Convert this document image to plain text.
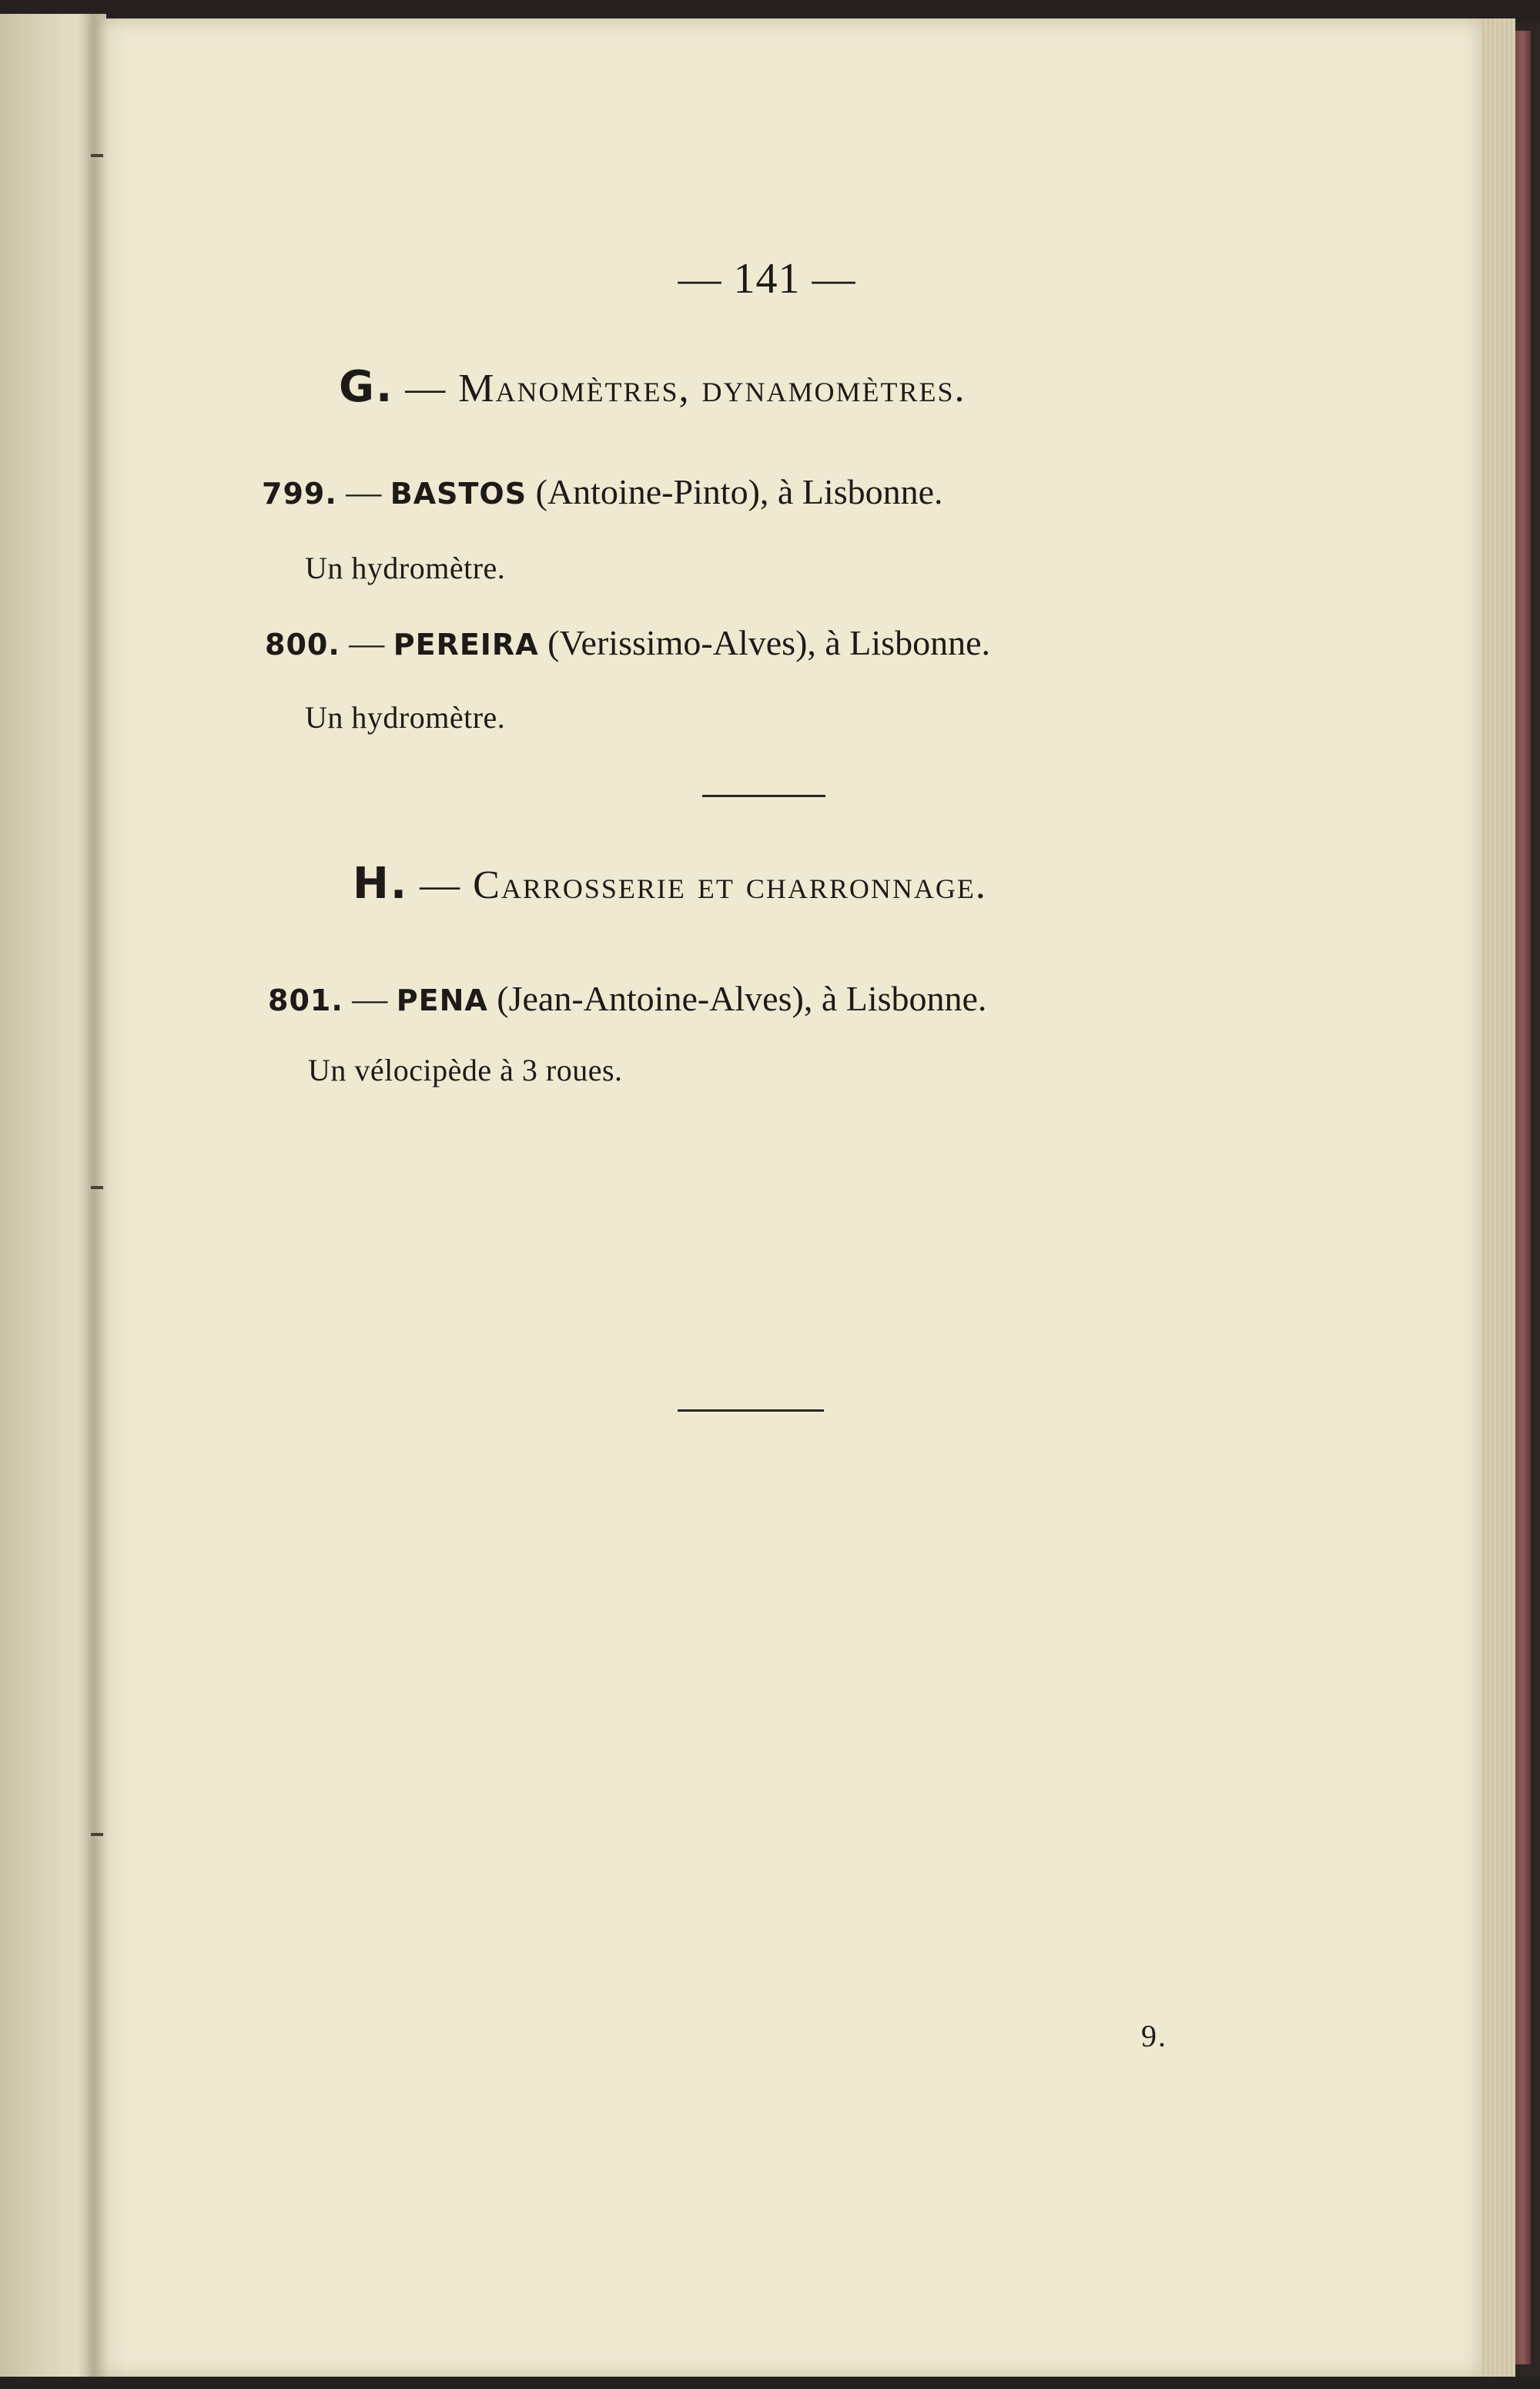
— 141 —
G. — Manomètres, dynamomètres.
799. — BASTOS (Antoine-Pinto), à Lisbonne.
Un hydromètre.
800. — PEREIRA (Verissimo-Alves), à Lisbonne.
Un hydromètre.
H. — Carrosserie et charronnage.
801. — PENA (Jean-Antoine-Alves), à Lisbonne.
Un vélocipède à 3 roues.
9.
